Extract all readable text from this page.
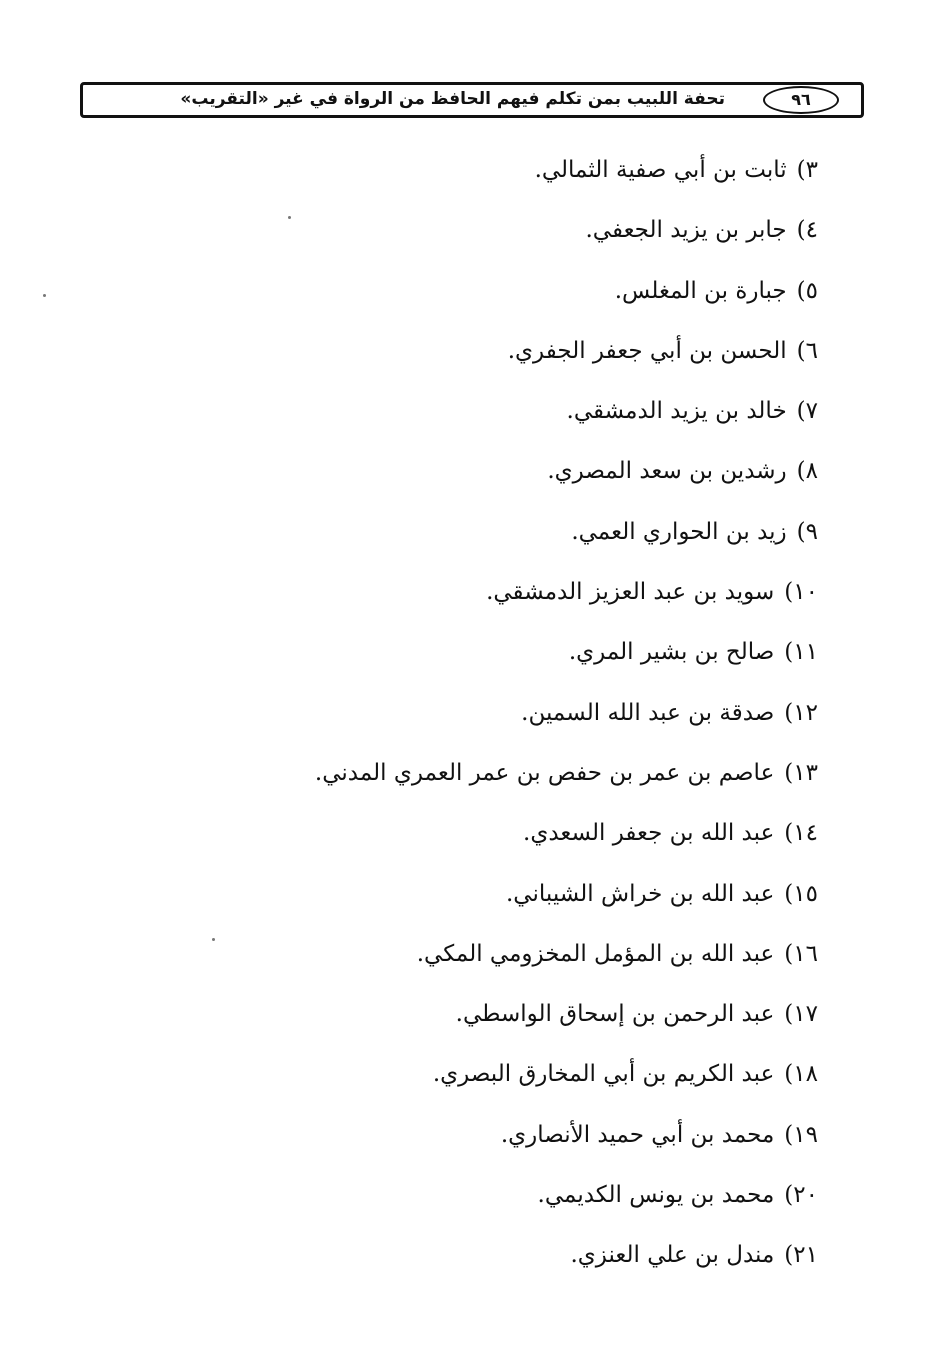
تحفة اللبيب بمن تكلم فيهم الحافظ من الرواة في غير «التقريب»	٩٦
٣)
ثابت بن أبي صفية الثمالي.
٤)
جابر بن يزيد الجعفي.
٥)
جبارة بن المغلس.
٦)
الحسن بن أبي جعفر الجفري.
٧)
خالد بن يزيد الدمشقي.
٨)
رشدين بن سعد المصري.
٩)
زيد بن الحواري العمي.
١٠)
سويد بن عبد العزيز الدمشقي.
١١)
صالح بن بشير المري.
١٢)
صدقة بن عبد الله السمين.
١٣)
عاصم بن عمر بن حفص بن عمر العمري المدني.
١٤)
عبد الله بن جعفر السعدي.
١٥)
عبد الله بن خراش الشيباني.
١٦)
عبد الله بن المؤمل المخزومي المكي.
١٧)
عبد الرحمن بن إسحاق الواسطي.
١٨)
عبد الكريم بن أبي المخارق البصري.
١٩)
محمد بن أبي حميد الأنصاري.
٢٠)
محمد بن يونس الكديمي.
٢١)
مندل بن علي العنزي.
